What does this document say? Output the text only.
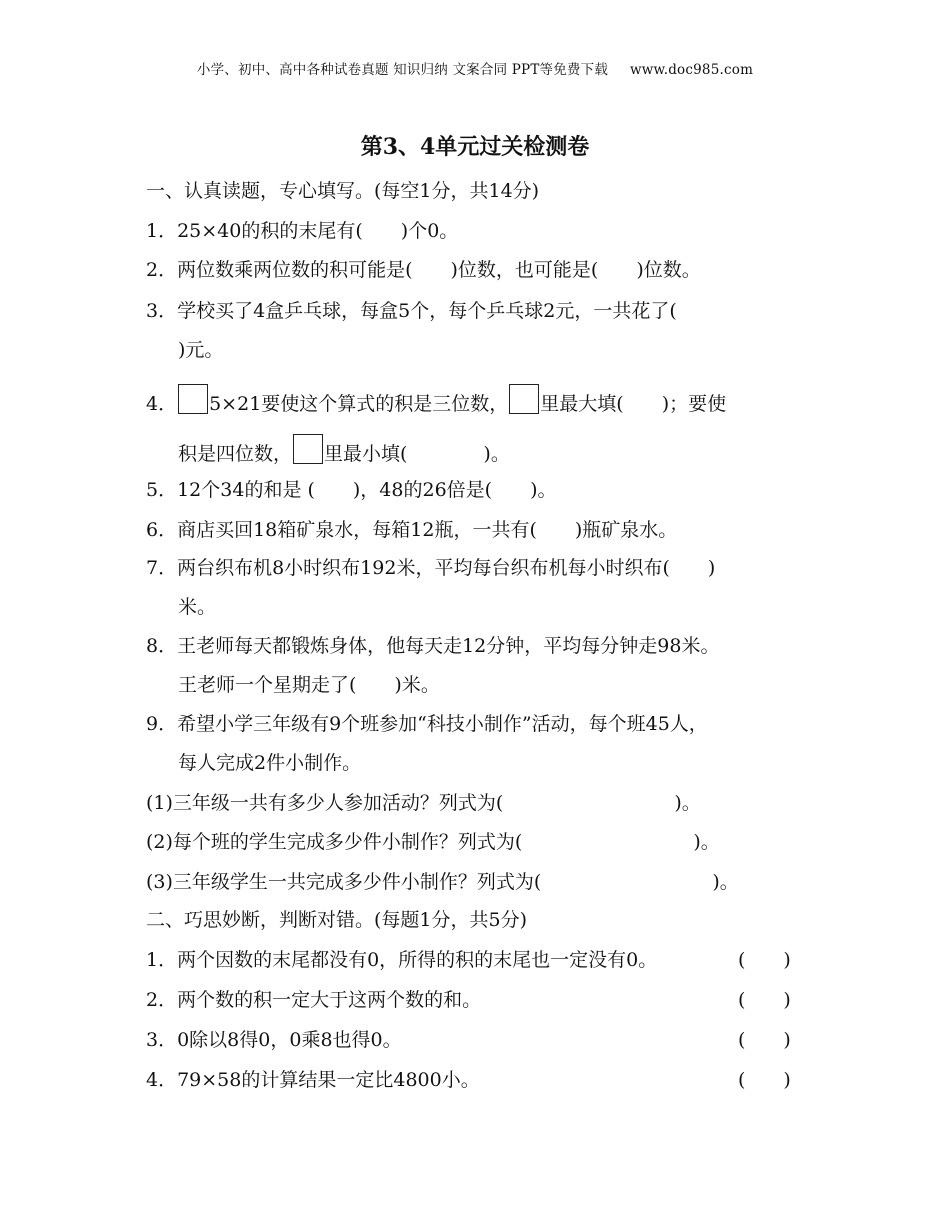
小学、初中、高中各种试卷真题 知识归纳 文案合同 PPT等免费下载 www.doc985.com
第3、4单元过关检测卷
一、认真读题，专心填写。(每空1分，共14分)
1．25×40的积的末尾有(　　)个0。
2．两位数乘两位数的积可能是(　　)位数，也可能是(　　)位数。
3．学校买了4盒乒乓球，每盒5个，每个乒乓球2元，一共花了(
)元。
4． 5×21要使这个算式的积是三位数， 里最大填(　　)；要使
积是四位数， 里最小填(　　　　)。
5．12个34的和是 (　　)，48的26倍是(　　)。
6．商店买回18箱矿泉水，每箱12瓶，一共有(　　)瓶矿泉水。
7．两台织布机8小时织布192米，平均每台织布机每小时织布(　　)
米。
8．王老师每天都锻炼身体，他每天走12分钟，平均每分钟走98米。
王老师一个星期走了(　　)米。
9．希望小学三年级有9个班参加“科技小制作”活动，每个班45人，
每人完成2件小制作。
(1)三年级一共有多少人参加活动？列式为(　　　　　　　　　)。
(2)每个班的学生完成多少件小制作？列式为(　　　　　　　　　)。
(3)三年级学生一共完成多少件小制作？列式为(　　　　　　　　　)。
二、巧思妙断，判断对错。(每题1分，共5分)
1．两个因数的末尾都没有0，所得的积的末尾也一定没有0。	(　　)
2．两个数的积一定大于这两个数的和。	(　　)
3．0除以8得0，0乘8也得0。	(　　)
4．79×58的计算结果一定比4800小。	(　　)
